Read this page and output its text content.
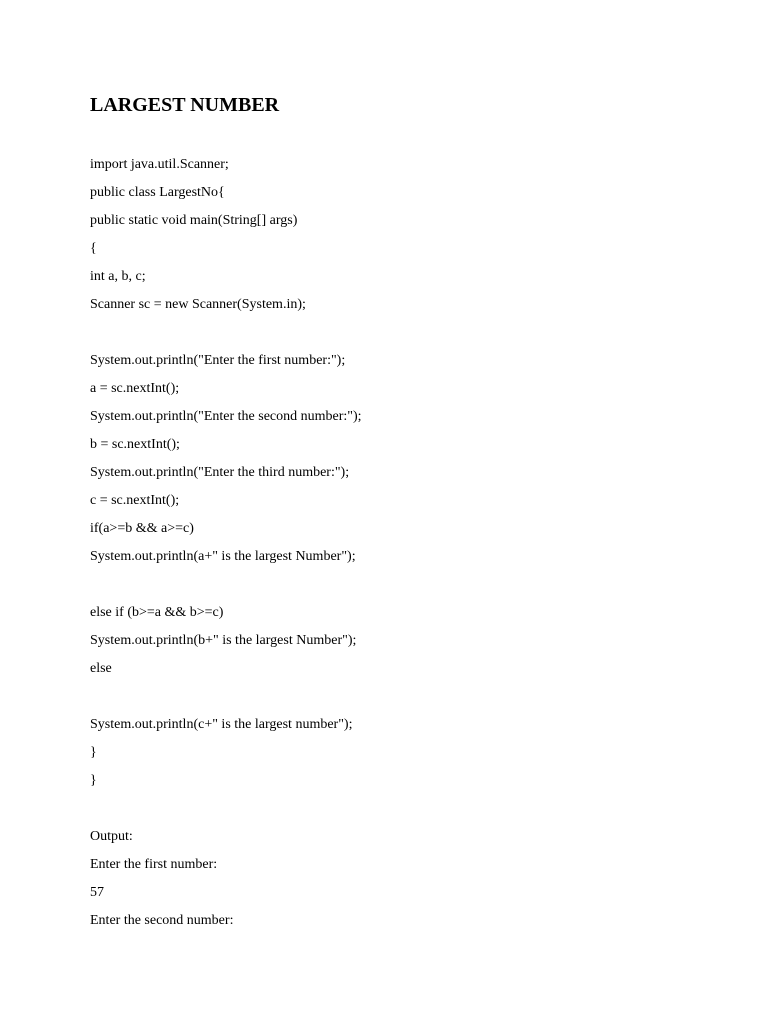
LARGEST NUMBER

import java.util.Scanner;

public class LargestNo{

public static void main(String[] args)

{

int a, b, c;

Scanner sc = new Scanner(System.in);

System.out.println("Enter the first number:");

a = sc.nextInt();

System.out.println("Enter the second number:");

b = sc.nextInt();

System.out.println("Enter the third number:");

c = sc.nextInt();

if(a>=b && a>=c)

System.out.println(a+" is the largest Number");

else if (b>=a && b>=c)

System.out.println(b+" is the largest Number");

else

System.out.println(c+" is the largest number");

}

}

Output:

Enter the first number:

57

Enter the second number:
